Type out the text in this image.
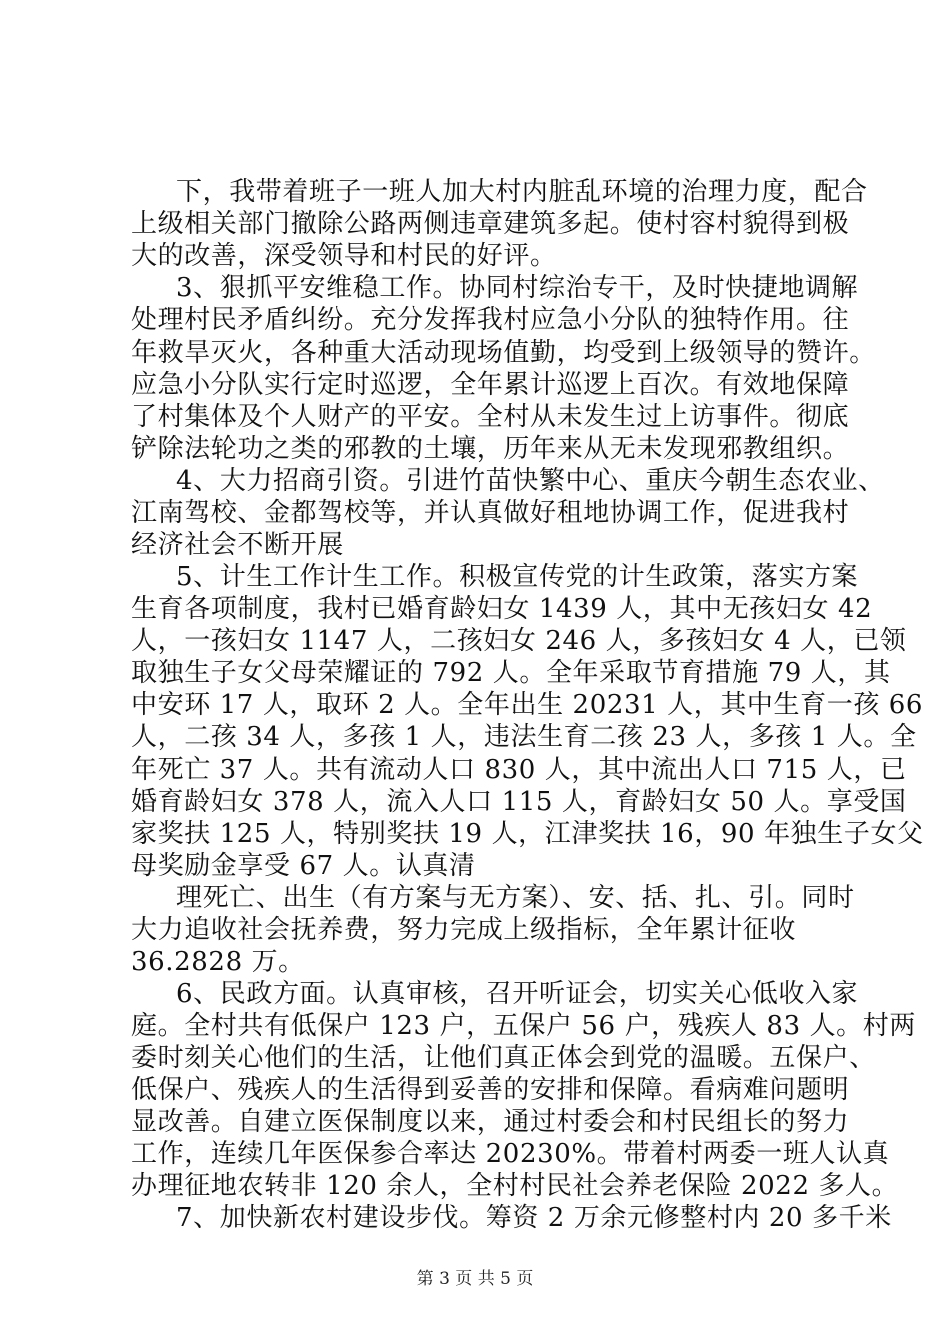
下，我带着班子一班人加大村内脏乱环境的治理力度，配合
上级相关部门撤除公路两侧违章建筑多起。使村容村貌得到极
大的改善，深受领导和村民的好评。
3、狠抓平安维稳工作。协同村综治专干，及时快捷地调解
处理村民矛盾纠纷。充分发挥我村应急小分队的独特作用。往
年救旱灭火，各种重大活动现场值勤，均受到上级领导的赞许。
应急小分队实行定时巡逻，全年累计巡逻上百次。有效地保障
了村集体及个人财产的平安。全村从未发生过上访事件。彻底
铲除法轮功之类的邪教的土壤，历年来从无未发现邪教组织。
4、大力招商引资。引进竹苗快繁中心、重庆今朝生态农业、
江南驾校、金都驾校等，并认真做好租地协调工作，促进我村
经济社会不断开展
5、计生工作计生工作。积极宣传党的计生政策，落实方案
生育各项制度，我村已婚育龄妇女 1439 人，其中无孩妇女 42
人，一孩妇女 1147 人，二孩妇女 246 人，多孩妇女 4 人，已领
取独生子女父母荣耀证的 792 人。全年采取节育措施 79 人，其
中安环 17 人，取环 2 人。全年出生 20231 人，其中生育一孩 66
人，二孩 34 人，多孩 1 人，违法生育二孩 23 人，多孩 1 人。全
年死亡 37 人。共有流动人口 830 人，其中流出人口 715 人，已
婚育龄妇女 378 人，流入人口 115 人，育龄妇女 50 人。享受国
家奖扶 125 人，特别奖扶 19 人，江津奖扶 16，90 年独生子女父
母奖励金享受 67 人。认真清
理死亡、出生（有方案与无方案）、安、括、扎、引。同时
大力追收社会抚养费，努力完成上级指标，全年累计征收
36.2828 万。
6、民政方面。认真审核，召开听证会，切实关心低收入家
庭。全村共有低保户 123 户，五保户 56 户，残疾人 83 人。村两
委时刻关心他们的生活，让他们真正体会到党的温暖。五保户、
低保户、残疾人的生活得到妥善的安排和保障。看病难问题明
显改善。自建立医保制度以来，通过村委会和村民组长的努力
工作，连续几年医保参合率达 20230%。带着村两委一班人认真
办理征地农转非 120 余人，全村村民社会养老保险 2022 多人。
7、加快新农村建设步伐。筹资 2 万余元修整村内 20 多千米
第 3 页 共 5 页
